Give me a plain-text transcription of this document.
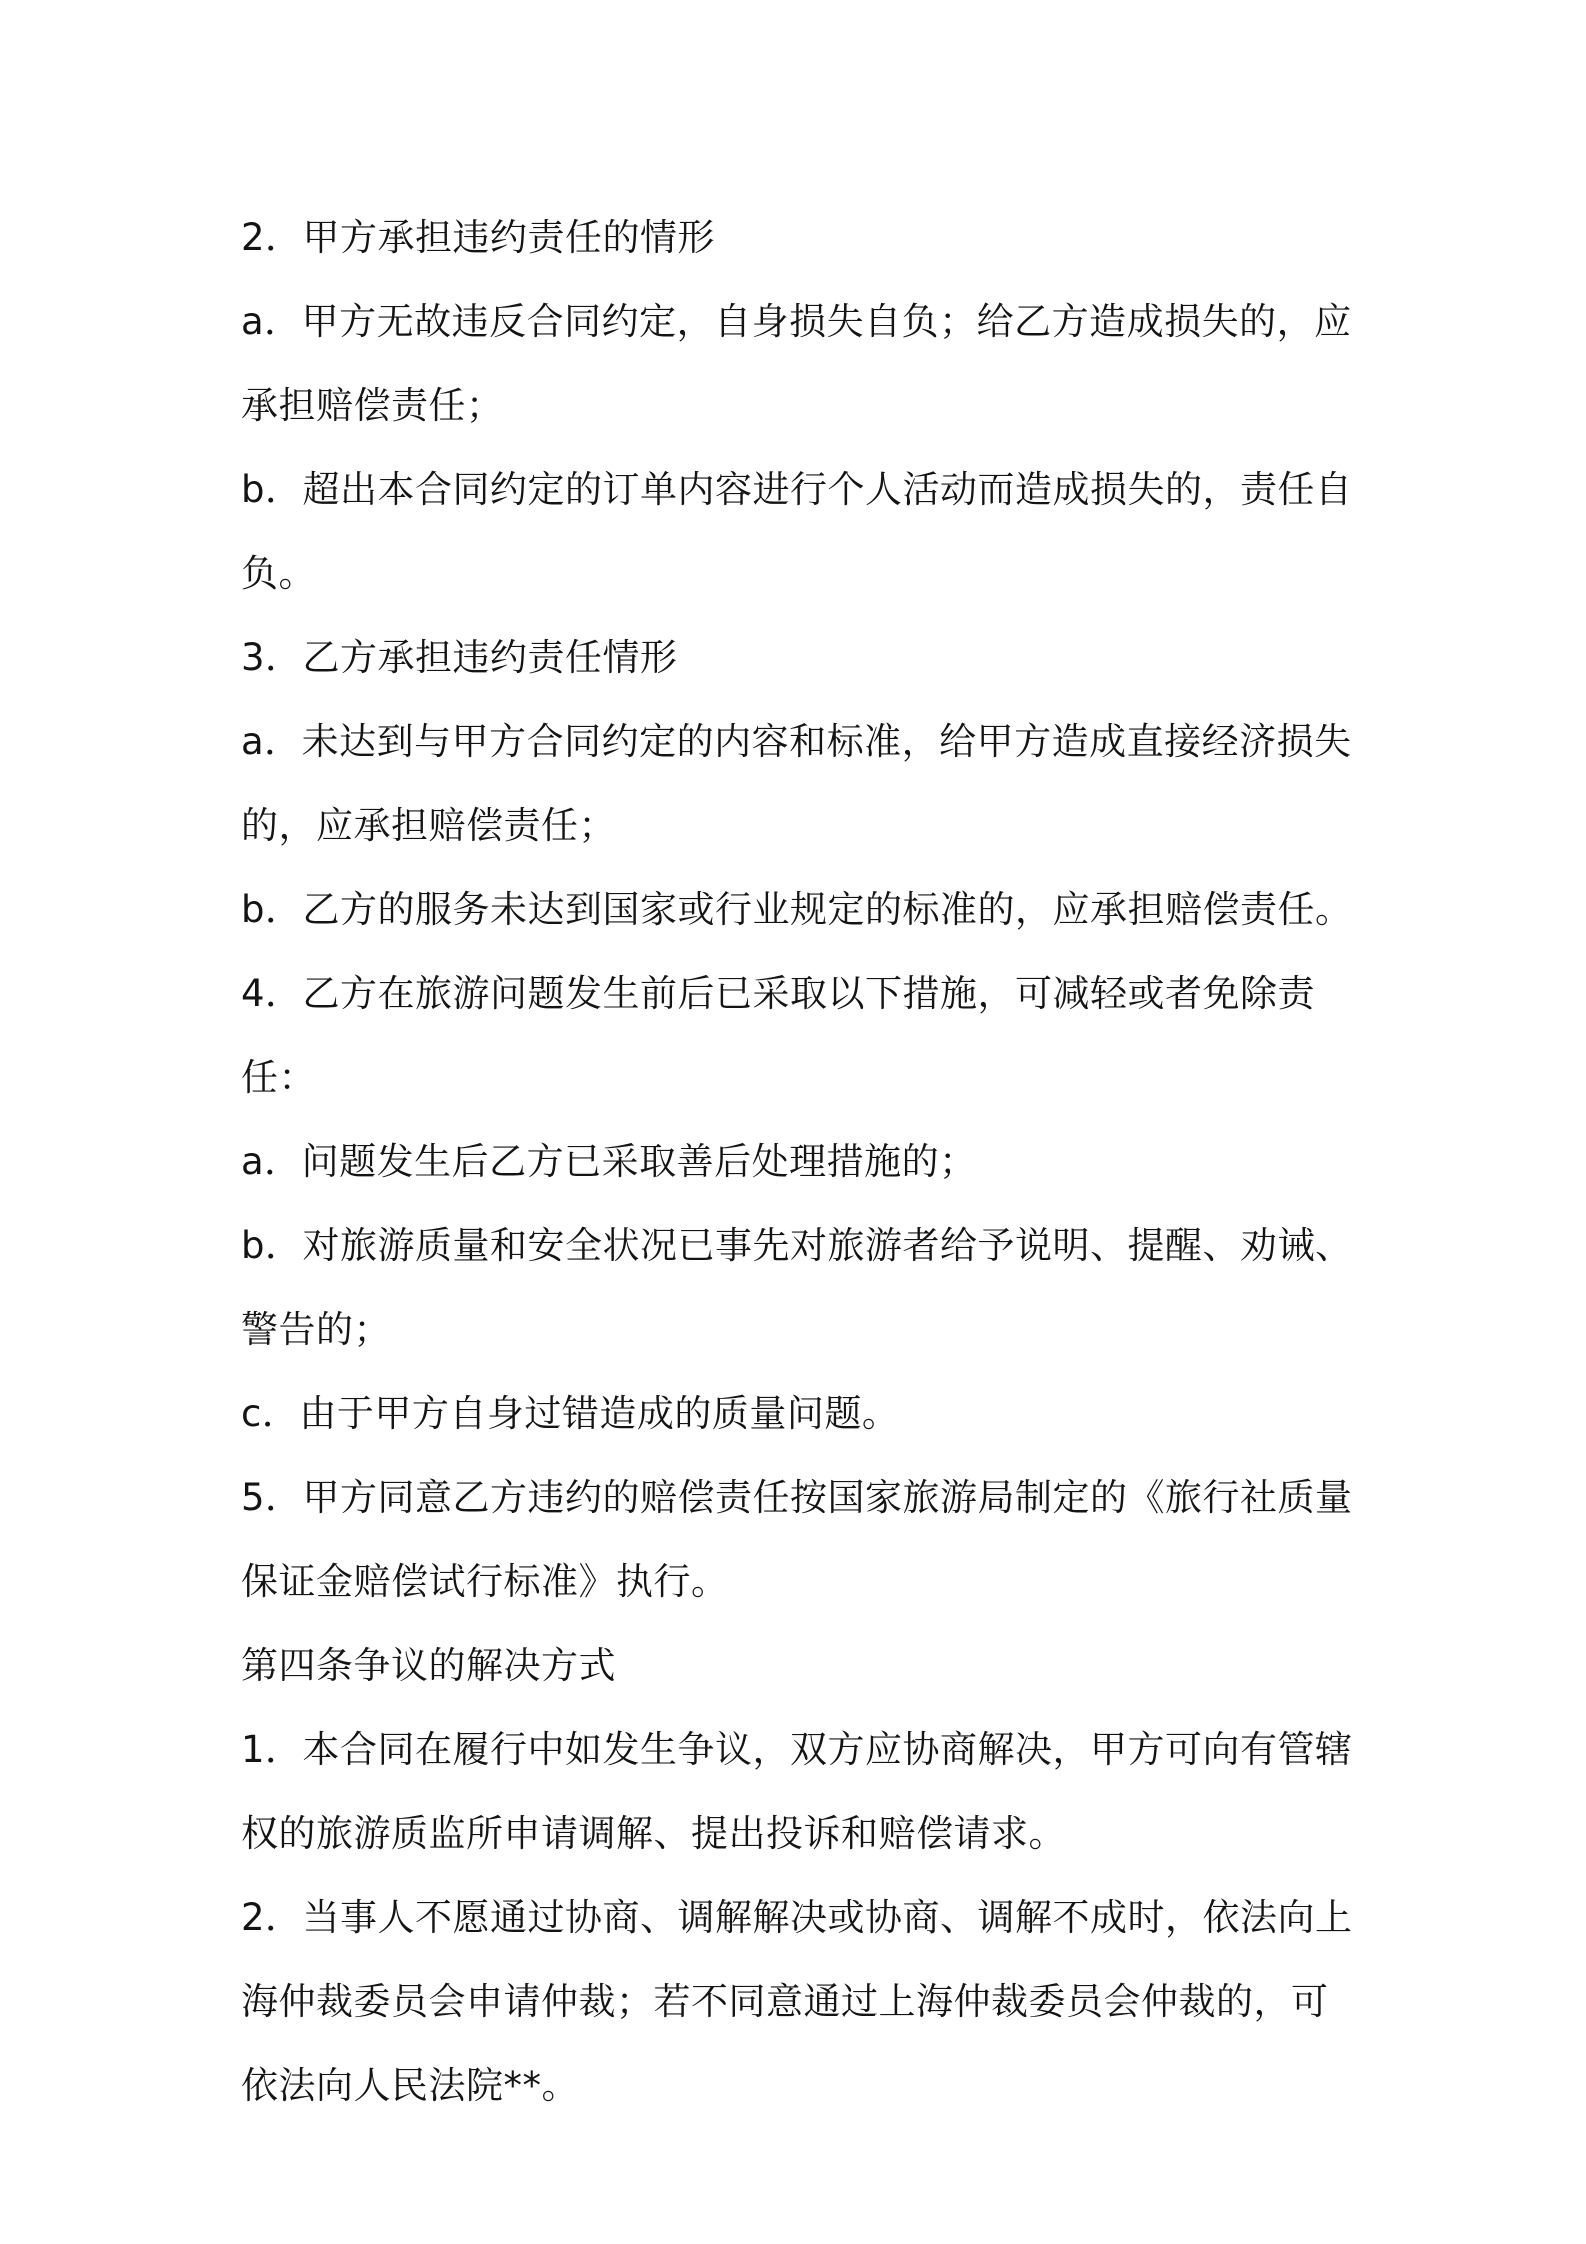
2．甲方承担违约责任的情形

a．甲方无故违反合同约定，自身损失自负；给乙方造成损失的，应承担赔偿责任；

b．超出本合同约定的订单内容进行个人活动而造成损失的，责任自负。

3．乙方承担违约责任情形

a．未达到与甲方合同约定的内容和标准，给甲方造成直接经济损失的，应承担赔偿责任；

b．乙方的服务未达到国家或行业规定的标准的，应承担赔偿责任。

4．乙方在旅游问题发生前后已采取以下措施，可减轻或者免除责任：

a．问题发生后乙方已采取善后处理措施的；

b．对旅游质量和安全状况已事先对旅游者给予说明、提醒、劝诫、警告的；

c．由于甲方自身过错造成的质量问题。

5．甲方同意乙方违约的赔偿责任按国家旅游局制定的《旅行社质量保证金赔偿试行标准》执行。

第四条争议的解决方式

1．本合同在履行中如发生争议，双方应协商解决，甲方可向有管辖权的旅游质监所申请调解、提出投诉和赔偿请求。

2．当事人不愿通过协商、调解解决或协商、调解不成时，依法向上海仲裁委员会申请仲裁；若不同意通过上海仲裁委员会仲裁的，可依法向人民法院**。
